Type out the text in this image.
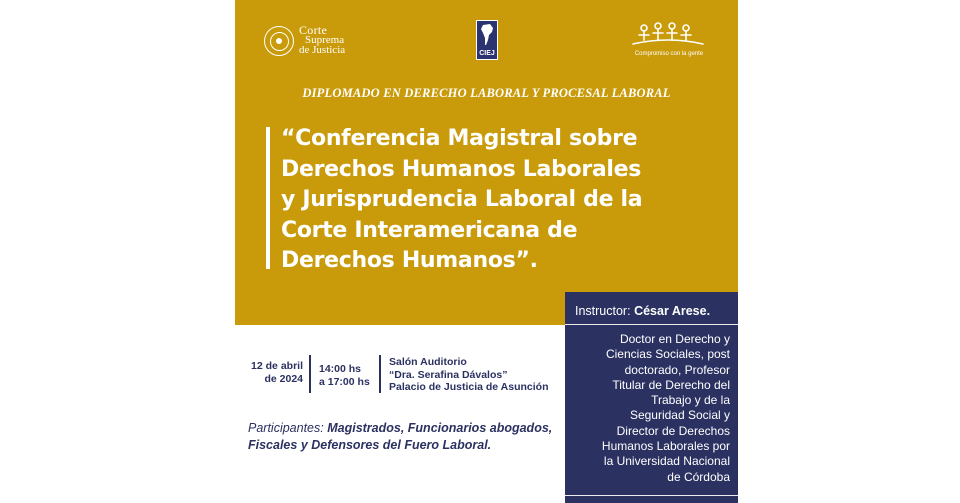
Corte
Suprema
de Justicia	CIEJ	Compromiso con la gente
DIPLOMADO EN DERECHO LABORAL Y PROCESAL LABORAL
“Conferencia Magistral sobre
Derechos Humanos Laborales
y Jurisprudencia Laboral de la
Corte Interamericana de
Derechos Humanos”.
Instructor: César Arese.
Doctor en Derecho y
Ciencias Sociales, post
doctorado, Profesor
Titular de Derecho del
Trabajo y de la
Seguridad Social y
Director de Derechos
Humanos Laborales por
la Universidad Nacional
de Córdoba
12 de abril
de 2024
14:00 hs
a 17:00 hs
Salón Auditorio
“Dra. Serafina Dávalos”
Palacio de Justicia de Asunción
Participantes: Magistrados, Funcionarios abogados, Fiscales y Defensores del Fuero Laboral.
